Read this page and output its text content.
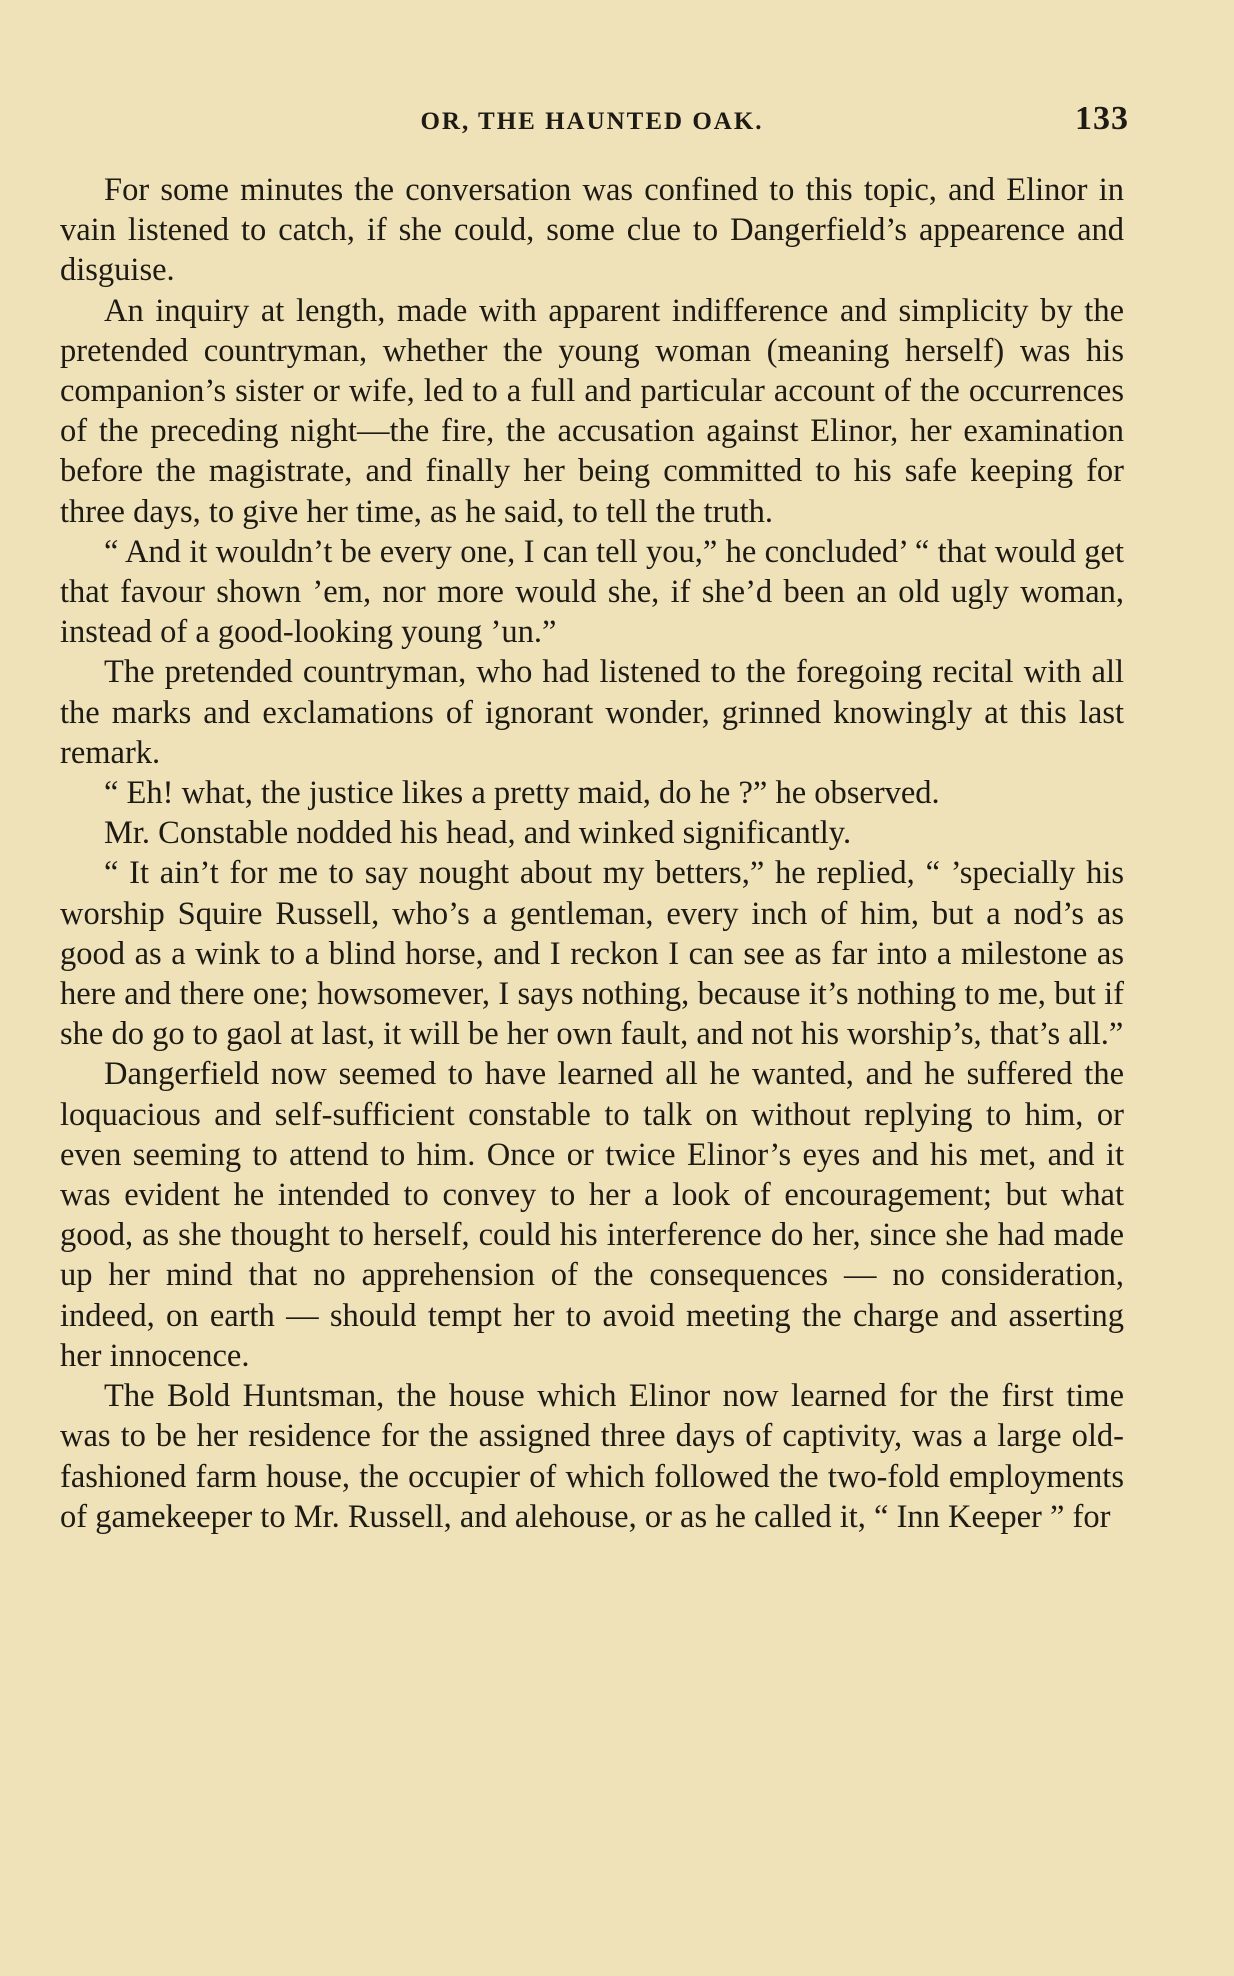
OR, THE HAUNTED OAK.	133

For some minutes the conversation was confined to this topic, and Elinor in vain listened to catch, if she could, some clue to Dangerfield’s appearence and disguise.

An inquiry at length, made with apparent indifference and simplicity by the pretended countryman, whether the young woman (meaning herself) was his companion’s sister or wife, led to a full and particular account of the occurrences of the preceding night—the fire, the accusation against Elinor, her examination before the magistrate, and finally her being committed to his safe keeping for three days, to give her time, as he said, to tell the truth.

“ And it wouldn’t be every one, I can tell you,” he concluded’ “ that would get that favour shown ’em, nor more would she, if she’d been an old ugly woman, instead of a good-looking young ’un.”

The pretended countryman, who had listened to the foregoing recital with all the marks and exclamations of ignorant wonder, grinned knowingly at this last remark.

“ Eh! what, the justice likes a pretty maid, do he ?” he observed.

Mr. Constable nodded his head, and winked significantly.

“ It ain’t for me to say nought about my betters,” he replied, “ ’specially his worship Squire Russell, who’s a gentleman, every inch of him, but a nod’s as good as a wink to a blind horse, and I reckon I can see as far into a milestone as here and there one; howsomever, I says nothing, because it’s nothing to me, but if she do go to gaol at last, it will be her own fault, and not his worship’s, that’s all.”

Dangerfield now seemed to have learned all he wanted, and he suffered the loquacious and self-sufficient constable to talk on without replying to him, or even seeming to attend to him. Once or twice Elinor’s eyes and his met, and it was evident he intended to convey to her a look of encouragement; but what good, as she thought to herself, could his interference do her, since she had made up her mind that no apprehension of the consequences — no consideration, indeed, on earth — should tempt her to avoid meeting the charge and asserting her innocence.

The Bold Huntsman, the house which Elinor now learned for the first time was to be her residence for the assigned three days of captivity, was a large old-fashioned farm house, the occupier of which followed the two-fold employments of gamekeeper to Mr. Russell, and alehouse, or as he called it, “ Inn Keeper ” for
